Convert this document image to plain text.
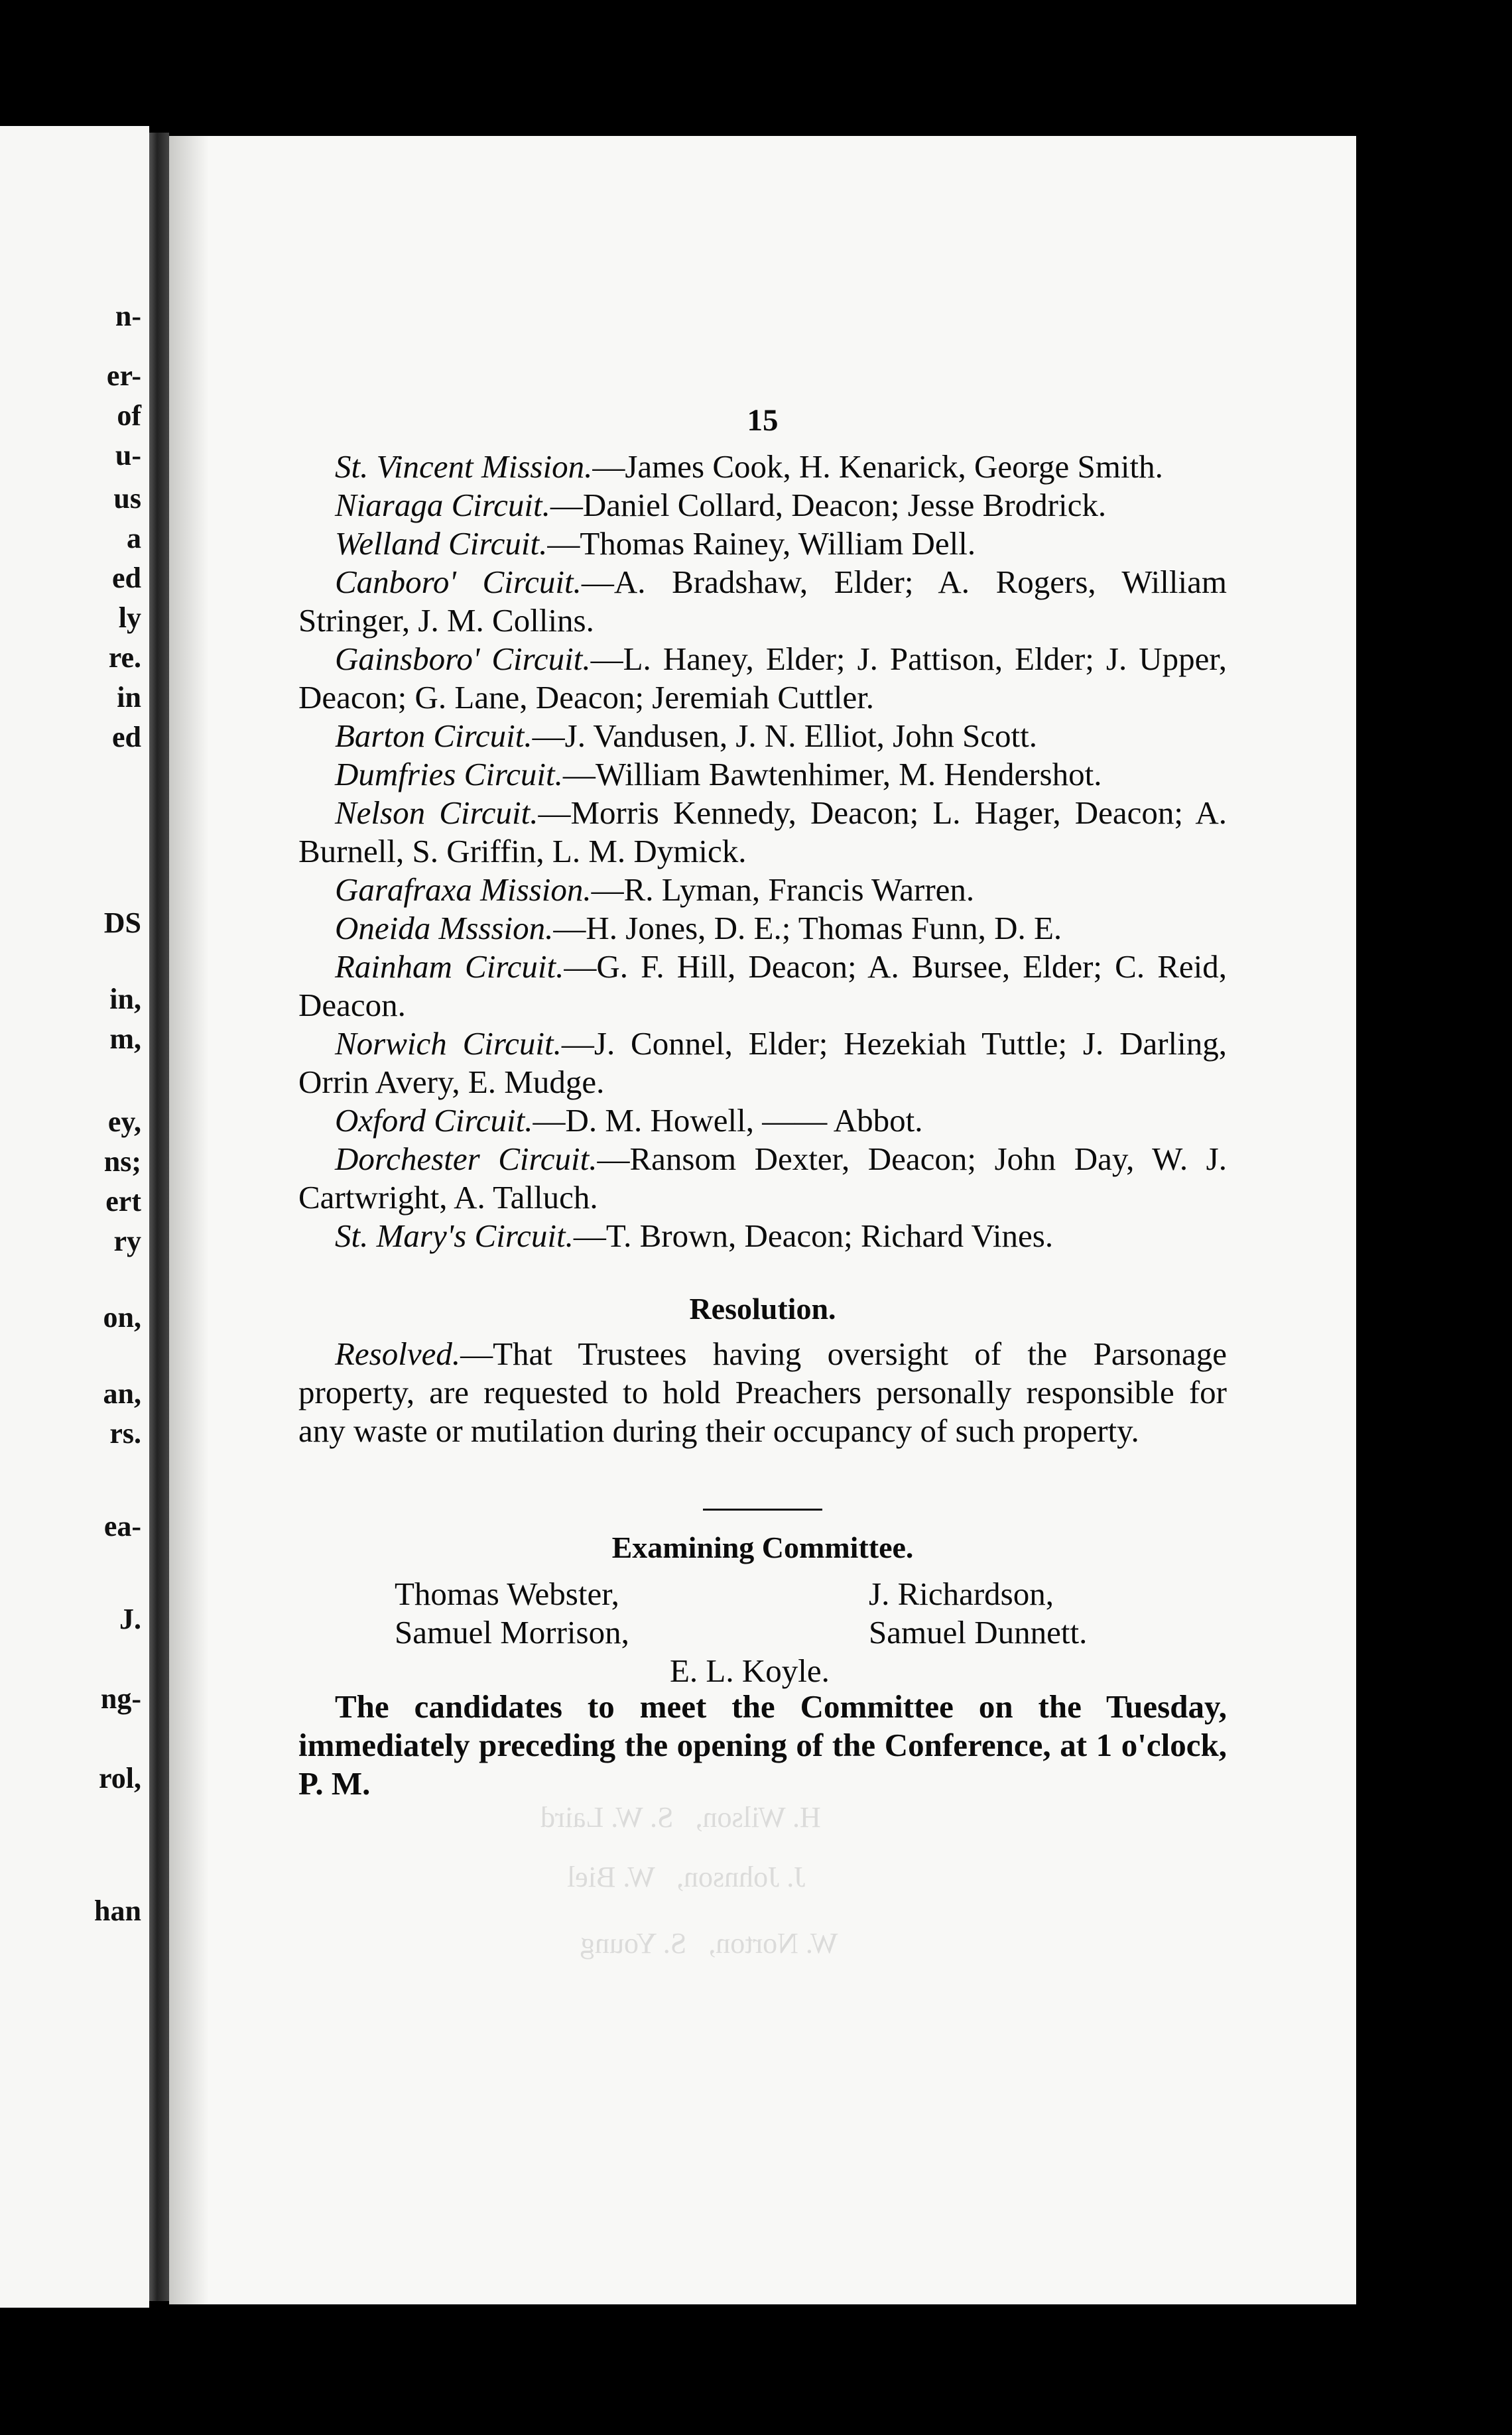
n-
er-
of
u-
us
a
ed
ly
re.
in
ed
DS
in,
m,
ey,
ns;
ert
ry
on,
an,
rs.
ea-
J.
ng-
rol,
han
H. Wilson,   S. W. Laird
J. Johnson,   W. Biel
W. Norton,   S. Young
15

St. Vincent Mission.—James Cook, H. Kenarick, George Smith.

Niaraga Circuit.—Daniel Collard, Deacon; Jesse Brodrick.

Welland Circuit.—Thomas Rainey, William Dell.

Canboro' Circuit.—A. Bradshaw, Elder; A. Rogers, William Stringer, J. M. Collins.

Gainsboro' Circuit.—L. Haney, Elder; J. Pattison, Elder; J. Upper, Deacon; G. Lane, Deacon; Jeremiah Cuttler.

Barton Circuit.—J. Vandusen, J. N. Elliot, John Scott.

Dumfries Circuit.—William Bawtenhimer, M. Hendershot.

Nelson Circuit.—Morris Kennedy, Deacon; L. Hager, Deacon; A. Burnell, S. Griffin, L. M. Dymick.

Garafraxa Mission.—R. Lyman, Francis Warren.

Oneida Msssion.—H. Jones, D. E.; Thomas Funn, D. E.

Rainham Circuit.—G. F. Hill, Deacon; A. Bursee, Elder; C. Reid, Deacon.

Norwich Circuit.—J. Connel, Elder; Hezekiah Tuttle; J. Darling, Orrin Avery, E. Mudge.

Oxford Circuit.—D. M. Howell, —— Abbot.

Dorchester Circuit.—Ransom Dexter, Deacon; John Day, W. J. Cartwright, A. Talluch.

St. Mary's Circuit.—T. Brown, Deacon; Richard Vines.

Resolution.

Resolved.—That Trustees having oversight of the Parsonage property, are requested to hold Preachers personally responsible for any waste or mutilation during their occupancy of such property.

Examining Committee.
Thomas Webster,	J. Richardson,
Samuel Morrison,	Samuel Dunnett.
E. L. Koyle.

The candidates to meet the Committee on the Tuesday, immediately preceding the opening of the Conference, at 1 o'clock, P. M.
